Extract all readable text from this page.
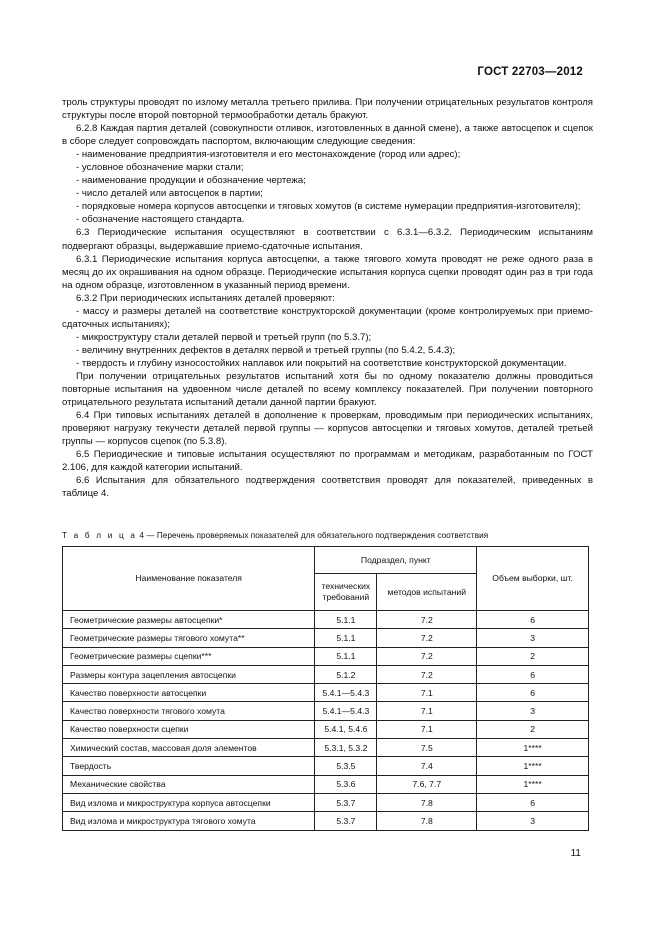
ГОСТ 22703—2012

троль структуры проводят по излому металла третьего прилива. При получении отрицательных результатов контроля структуры после второй повторной термообработки деталь бракуют.

6.2.8 Каждая партия деталей (совокупности отливок, изготовленных в данной смене), а также автосцепок и сцепок в сборе следует сопровождать паспортом, включающим следующие сведения:

- наименование предприятия-изготовителя и его местонахождение (город или адрес);

- условное обозначение марки стали;

- наименование продукции и обозначение чертежа;

- число деталей или автосцепок в партии;

- порядковые номера корпусов автосцепки и тяговых хомутов (в системе нумерации предприятия-изготовителя);

- обозначение настоящего стандарта.

6.3 Периодические испытания осуществляют в соответствии с 6.3.1—6.3.2. Периодическим испытаниям подвергают образцы, выдержавшие приемо-сдаточные испытания.

6.3.1 Периодические испытания корпуса автосцепки, а также тягового хомута проводят не реже одного раза в месяц до их окрашивания на одном образце. Периодические испытания корпуса сцепки проводят один раз в три года на одном образце, изготовленном в указанный период времени.

6.3.2 При периодических испытаниях деталей проверяют:

- массу и размеры деталей на соответствие конструкторской документации (кроме контролируемых при приемо-сдаточных испытаниях);

- микроструктуру стали деталей первой и третьей групп (по 5.3.7);

- величину внутренних дефектов в деталях первой и третьей группы (по 5.4.2, 5.4.3);

- твердость и глубину износостойких наплавок или покрытий на соответствие конструкторской документации.

При получении отрицательных результатов испытаний хотя бы по одному показателю должны проводиться повторные испытания на удвоенном числе деталей по всему комплексу показателей. При получении повторного отрицательного результата испытаний детали данной партии бракуют.

6.4 При типовых испытаниях деталей в дополнение к проверкам, проводимым при периодических испытаниях, проверяют нагрузку текучести деталей первой группы — корпусов автосцепки и тяговых хомутов, деталей третьей группы — корпусов сцепок (по 5.3.8).

6.5 Периодические и типовые испытания осуществляют по программам и методикам, разработанным по ГОСТ 2.106, для каждой категории испытаний.

6.6 Испытания для обязательного подтверждения соответствия проводят для показателей, приведенных в таблице 4.

Т а б л и ц а 4 — Перечень проверяемых показателей для обязательного подтверждения соответствия
Наименование показателя	Подраздел, пункт		Объем выборки, шт.
	технических требований	методов испытаний	
Геометрические размеры автосцепки*	5.1.1	7.2	6
Геометрические размеры тягового хомута**	5.1.1	7.2	3
Геометрические размеры сцепки***	5.1.1	7.2	2
Размеры контура зацепления автосцепки	5.1.2	7.2	6
Качество поверхности автосцепки	5.4.1—5.4.3	7.1	6
Качество поверхности тягового хомута	5.4.1—5.4.3	7.1	3
Качество поверхности сцепки	5.4.1, 5.4.6	7.1	2
Химический состав, массовая доля элементов	5.3.1, 5.3.2	7.5	1****
Твердость	5.3.5	7.4	1****
Механические свойства	5.3.6	7.6, 7.7	1****
Вид излома и микроструктура корпуса автосцепки	5.3.7	7.8	6
Вид излома и микроструктура тягового хомута	5.3.7	7.8	3
11
